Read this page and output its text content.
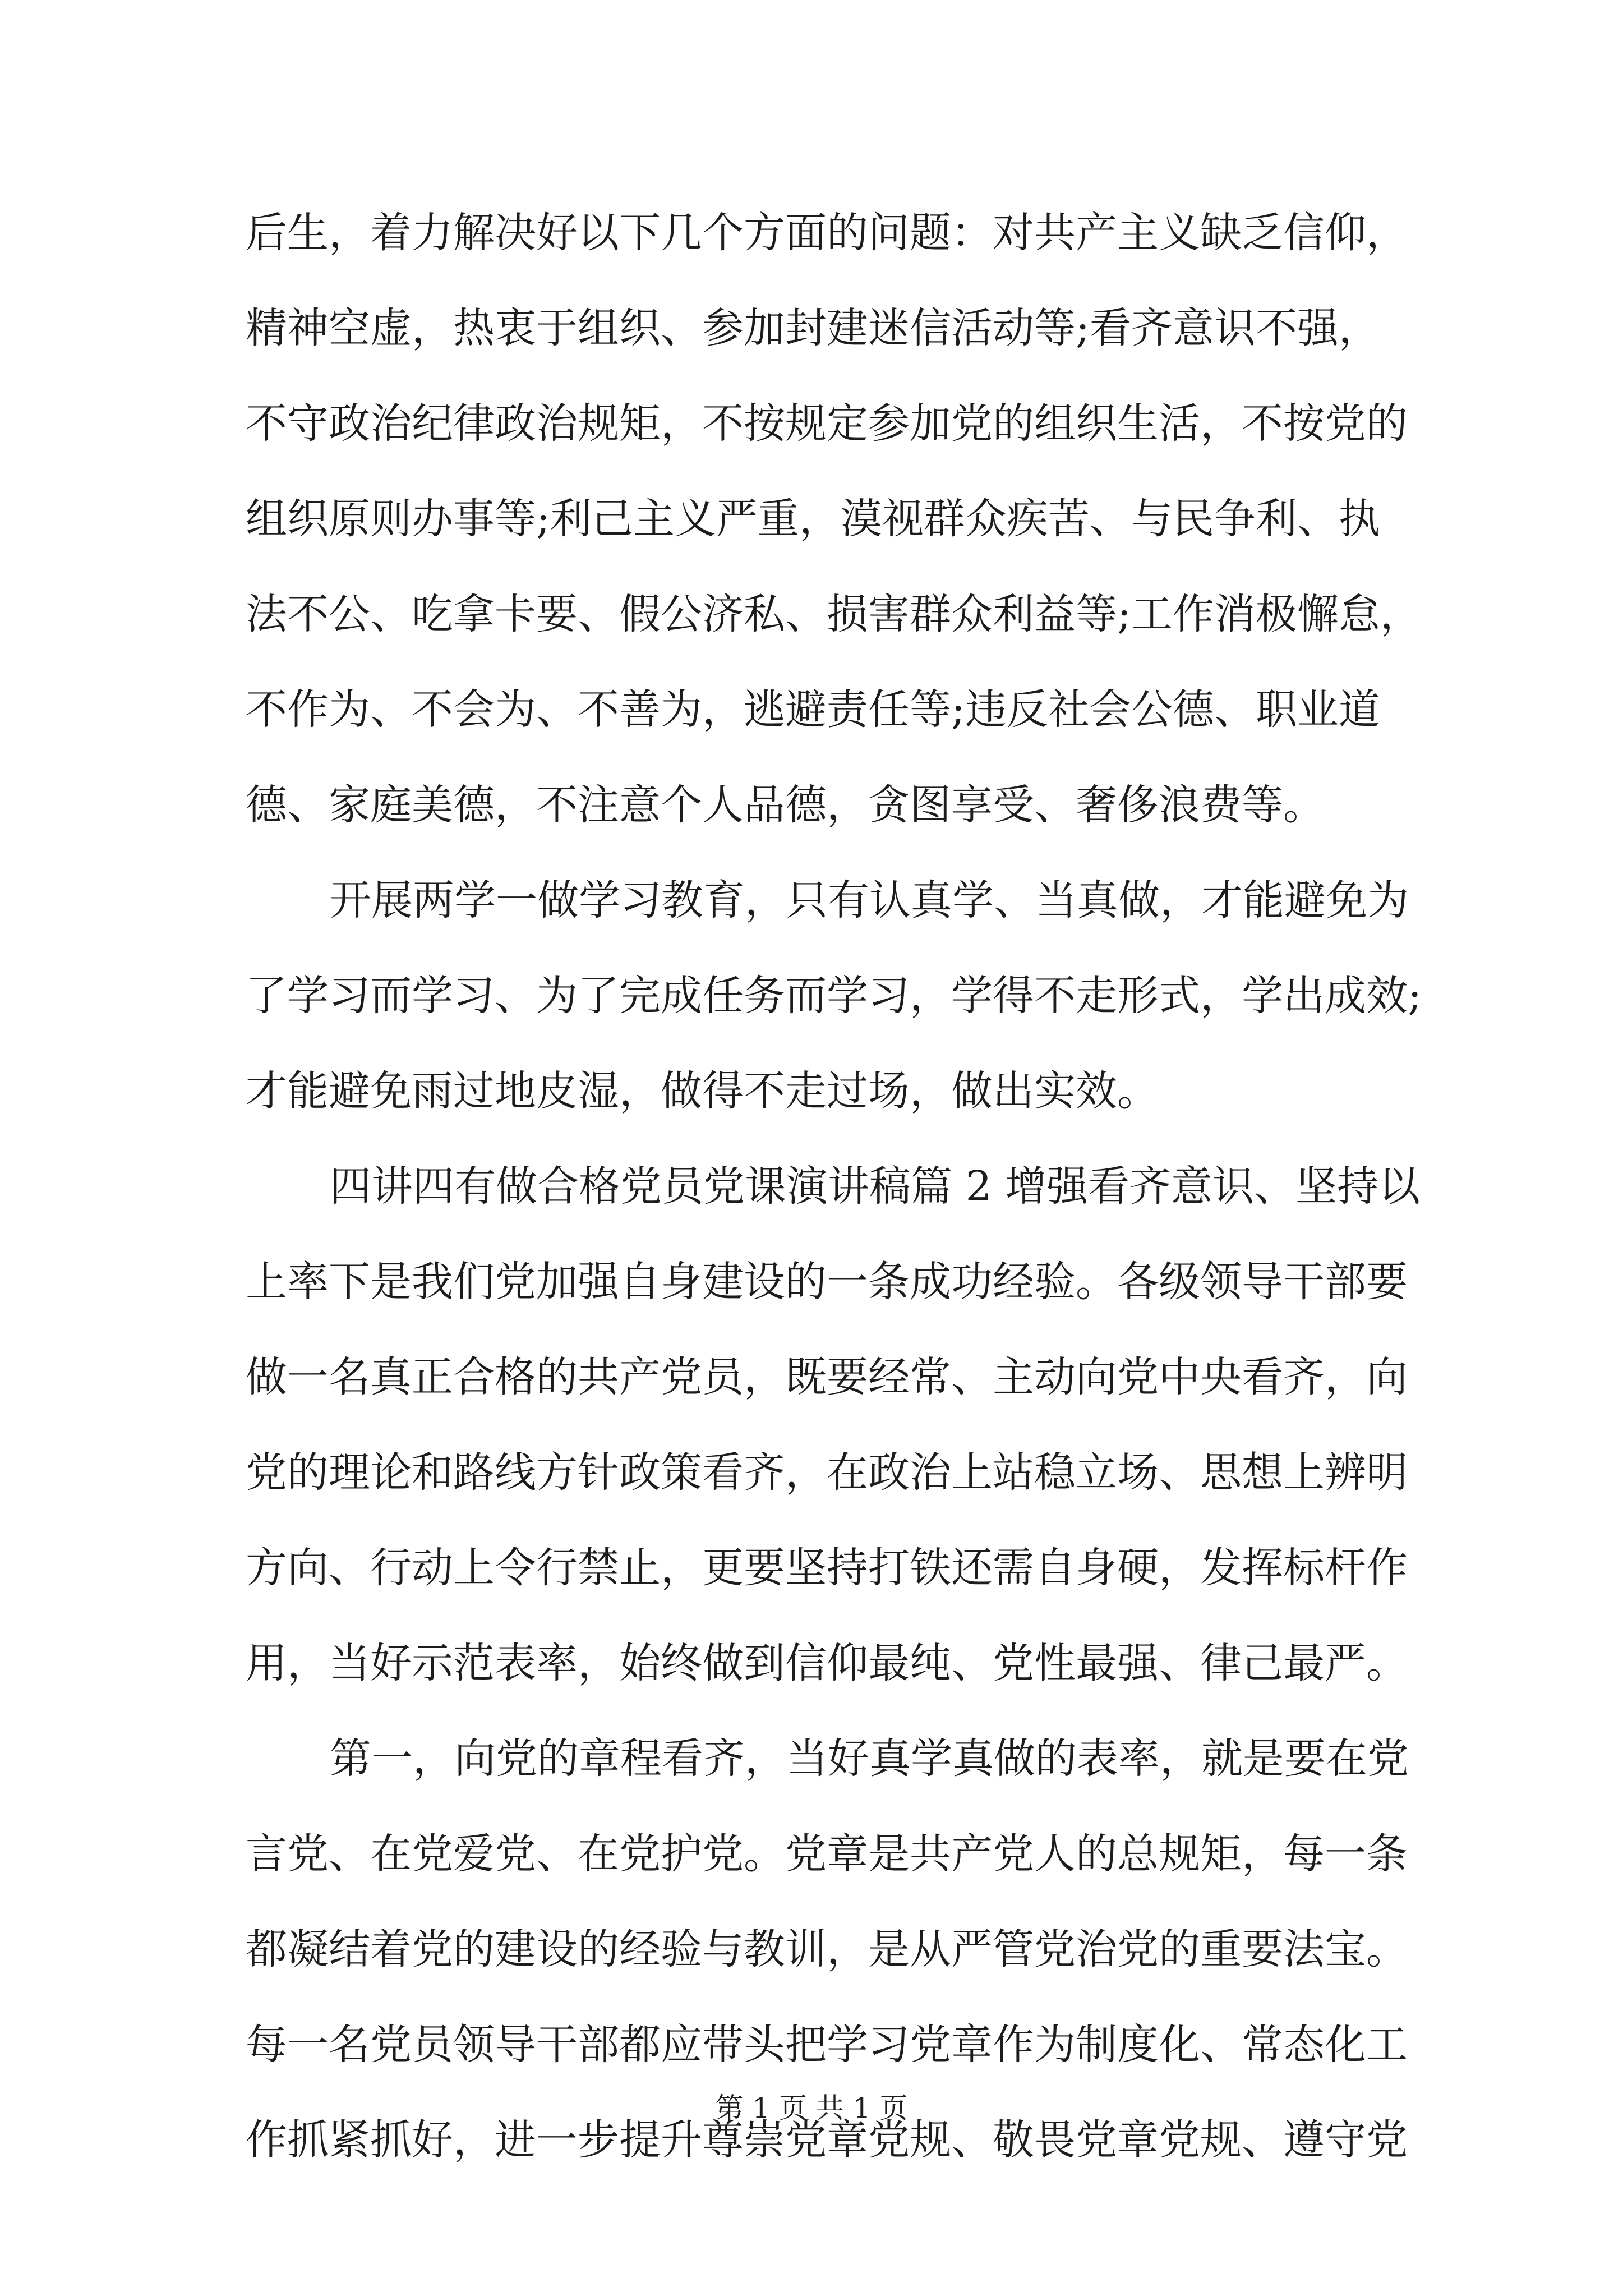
后生，着力解决好以下几个方面的问题：对共产主义缺乏信仰，
精神空虚，热衷于组织、参加封建迷信活动等;看齐意识不强，
不守政治纪律政治规矩，不按规定参加党的组织生活，不按党的
组织原则办事等;利己主义严重，漠视群众疾苦、与民争利、执
法不公、吃拿卡要、假公济私、损害群众利益等;工作消极懈怠，
不作为、不会为、不善为，逃避责任等;违反社会公德、职业道
德、家庭美德，不注意个人品德，贪图享受、奢侈浪费等。
开展两学一做学习教育，只有认真学、当真做，才能避免为
了学习而学习、为了完成任务而学习，学得不走形式，学出成效;
才能避免雨过地皮湿，做得不走过场，做出实效。
四讲四有做合格党员党课演讲稿篇 2 增强看齐意识、坚持以
上率下是我们党加强自身建设的一条成功经验。各级领导干部要
做一名真正合格的共产党员，既要经常、主动向党中央看齐，向
党的理论和路线方针政策看齐，在政治上站稳立场、思想上辨明
方向、行动上令行禁止，更要坚持打铁还需自身硬，发挥标杆作
用，当好示范表率，始终做到信仰最纯、党性最强、律己最严。
第一，向党的章程看齐，当好真学真做的表率，就是要在党
言党、在党爱党、在党护党。党章是共产党人的总规矩，每一条
都凝结着党的建设的经验与教训，是从严管党治党的重要法宝。
每一名党员领导干部都应带头把学习党章作为制度化、常态化工
作抓紧抓好，进一步提升尊崇党章党规、敬畏党章党规、遵守党
第 1 页 共 1 页
